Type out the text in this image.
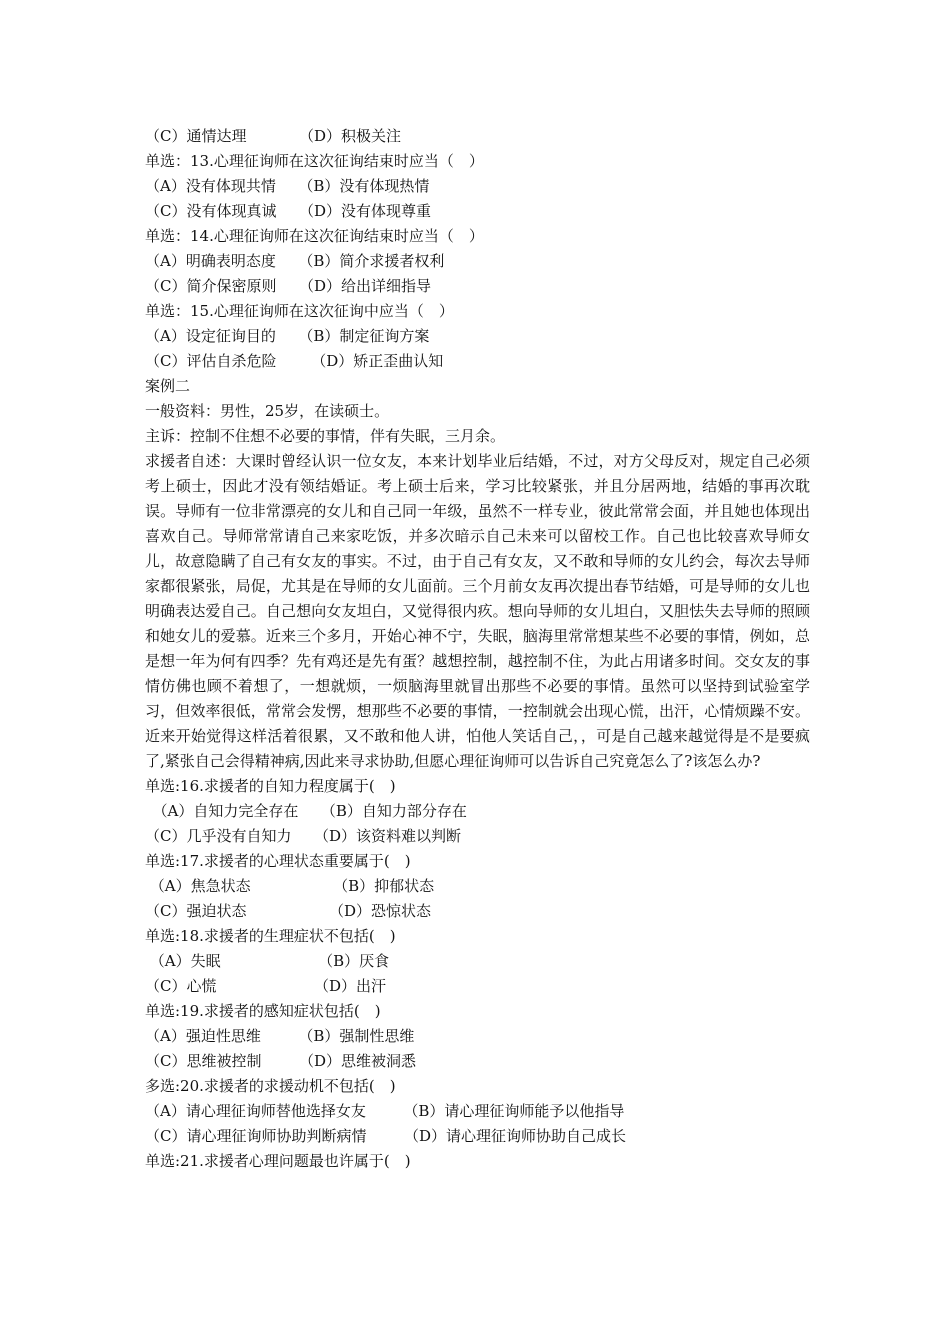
（C）通情达理　　　　（D）积极关注
单选：13.心理征询师在这次征询结束时应当（　）
（A）没有体现共情　　（B）没有体现热情
（C）没有体现真诚　　（D）没有体现尊重
单选：14.心理征询师在这次征询结束时应当（　）
（A）明确表明态度　　（B）简介求援者权利
（C）简介保密原则　　（D）给出详细指导
单选：15.心理征询师在这次征询中应当（　）
（A）设定征询目的　　（B）制定征询方案
（C）评估自杀危险　　 （D）矫正歪曲认知
案例二
一般资料：男性，25岁，在读硕士。
主诉：控制不住想不必要的事情，伴有失眠，三月余。
求援者自述：大课时曾经认识一位女友，本来计划毕业后结婚，不过，对方父母反对，规定自己必须考上硕士，因此才没有领结婚证。考上硕士后来，学习比较紧张，并且分居两地，结婚的事再次耽误。导师有一位非常漂亮的女儿和自己同一年级，虽然不一样专业，彼此常常会面，并且她也体现出喜欢自己。导师常常请自己来家吃饭，并多次暗示自己未来可以留校工作。自己也比较喜欢导师女儿，故意隐瞒了自己有女友的事实。不过，由于自己有女友，又不敢和导师的女儿约会，每次去导师家都很紧张，局促，尤其是在导师的女儿面前。三个月前女友再次提出春节结婚，可是导师的女儿也明确表达爱自己。自己想向女友坦白，又觉得很内疚。想向导师的女儿坦白，又胆怯失去导师的照顾和她女儿的爱慕。近来三个多月，开始心神不宁，失眠，脑海里常常想某些不必要的事情，例如，总是想一年为何有四季？先有鸡还是先有蛋？越想控制，越控制不住，为此占用诸多时间。交女友的事情仿佛也顾不着想了，一想就烦，一烦脑海里就冒出那些不必要的事情。虽然可以坚持到试验室学习，但效率很低，常常会发愣，想那些不必要的事情，一控制就会出现心慌，出汗，心情烦躁不安。近来开始觉得这样活着很累，又不敢和他人讲，怕他人笑话自己，，可是自己越来越觉得是不是要疯了,紧张自己会得精神病,因此来寻求协助,但愿心理征询师可以告诉自己究竟怎么了?该怎么办?
单选:16.求援者的自知力程度属于(　)
　（A）自知力完全存在　　（B）自知力部分存在
（C）几乎没有自知力　　（D）该资料难以判断
单选:17.求援者的心理状态重要属于(　)
（A）焦急状态　　　　　　（B）抑郁状态
（C）强迫状态　　　　　　（D）恐惊状态
单选:18.求援者的生理症状不包括(　)
（A）失眠　　　　　　　（B）厌食
（C）心慌　　　　　　　（D）出汗
单选:19.求援者的感知症状包括(　)
（A）强迫性思维　　　（B）强制性思维
（C）思维被控制　　　（D）思维被洞悉
多选:20.求援者的求援动机不包括(　)
（A）请心理征询师替他选择女友　　　（B）请心理征询师能予以他指导
（C）请心理征询师协助判断病情　　　（D）请心理征询师协助自己成长
单选:21.求援者心理问题最也许属于(　)
